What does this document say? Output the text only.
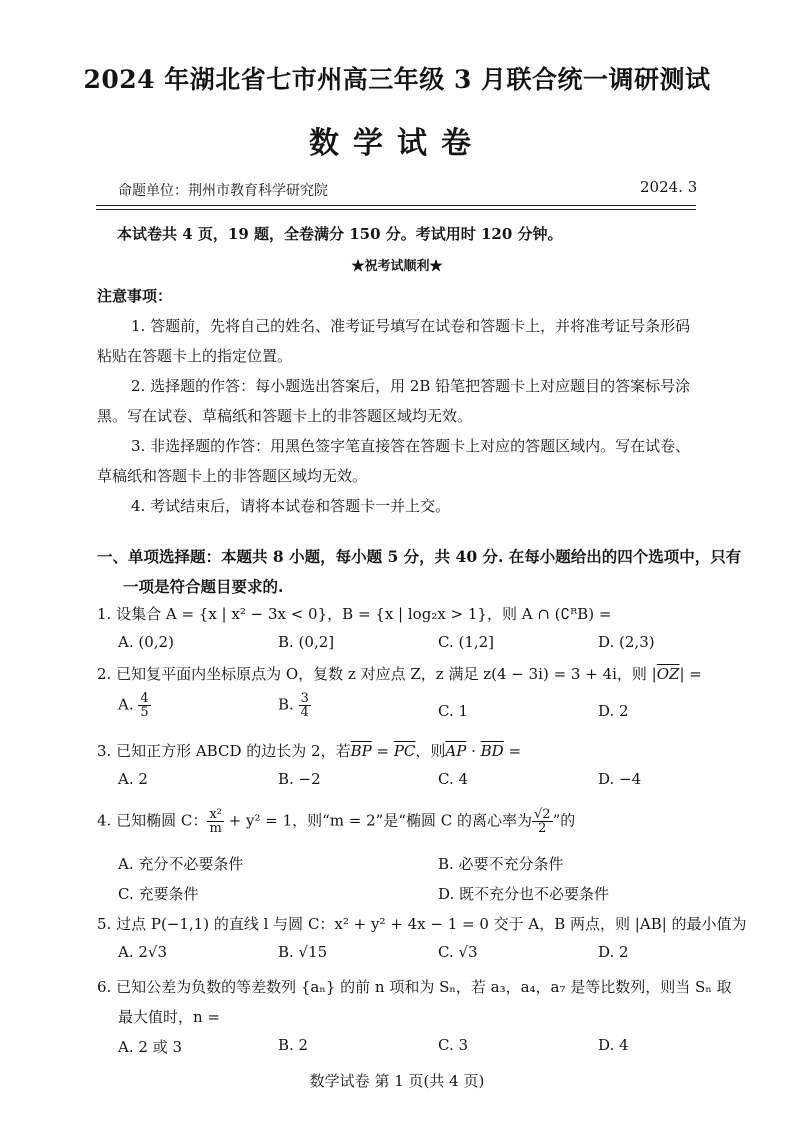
2024 年湖北省七市州高三年级 3 月联合统一调研测试
数学试卷
命题单位：荆州市教育科学研究院	2024. 3
本试卷共 4 页，19 题，全卷满分 150 分。考试用时 120 分钟。
★祝考试顺利★
注意事项：
1. 答题前，先将自己的姓名、准考证号填写在试卷和答题卡上，并将准考证号条形码
粘贴在答题卡上的指定位置。
2. 选择题的作答：每小题选出答案后，用 2B 铅笔把答题卡上对应题目的答案标号涂
黑。写在试卷、草稿纸和答题卡上的非答题区域均无效。
3. 非选择题的作答：用黑色签字笔直接答在答题卡上对应的答题区域内。写在试卷、
草稿纸和答题卡上的非答题区域均无效。
4. 考试结束后，请将本试卷和答题卡一并上交。
一、单项选择题：本题共 8 小题，每小题 5 分，共 40 分. 在每小题给出的四个选项中，只有
一项是符合题目要求的.
1. 设集合 A = {x | x² − 3x < 0}，B = {x | log₂x > 1}，则 A ∩ (∁ᴿB) =
A. (0,2)	B. (0,2]	C. (1,2]	D. (2,3)
2. 已知复平面内坐标原点为 O，复数 z 对应点 Z，z 满足 z(4 − 3i) = 3 + 4i，则 $|\overline{OZ}|$ =
A. $\frac{4}{5}$	B. $\frac{3}{4}$	C. 1	D. 2
3. 已知正方形 ABCD 的边长为 2，若$\overline{BP} = \overline{PC}$，则$\overline{AP} \cdot \overline{BD}$ =
A. 2	B. −2	C. 4	D. −4
4. 已知椭圆 C： $\frac{\text{x²}}{m} + y^2 = 1$，则“m = 2”是“椭圆 C 的离心率为 $\frac{√2}{2}$ ”的
A. 充分不必要条件	B. 必要不充分条件
C. 充要条件	D. 既不充分也不必要条件
5. 过点 P(−1,1) 的直线 l 与圆 C：x² + y² + 4x − 1 = 0 交于 A，B 两点，则 |AB| 的最小值为
A. 2√3	B. √15	C. √3	D. 2
6. 已知公差为负数的等差数列 {aₙ} 的前 n 项和为 Sₙ，若 a₃，a₄，a₇ 是等比数列，则当 Sₙ 取
最大值时，n =
A. 2 或 3	B. 2	C. 3	D. 4
数学试卷 第 1 页(共 4 页)
